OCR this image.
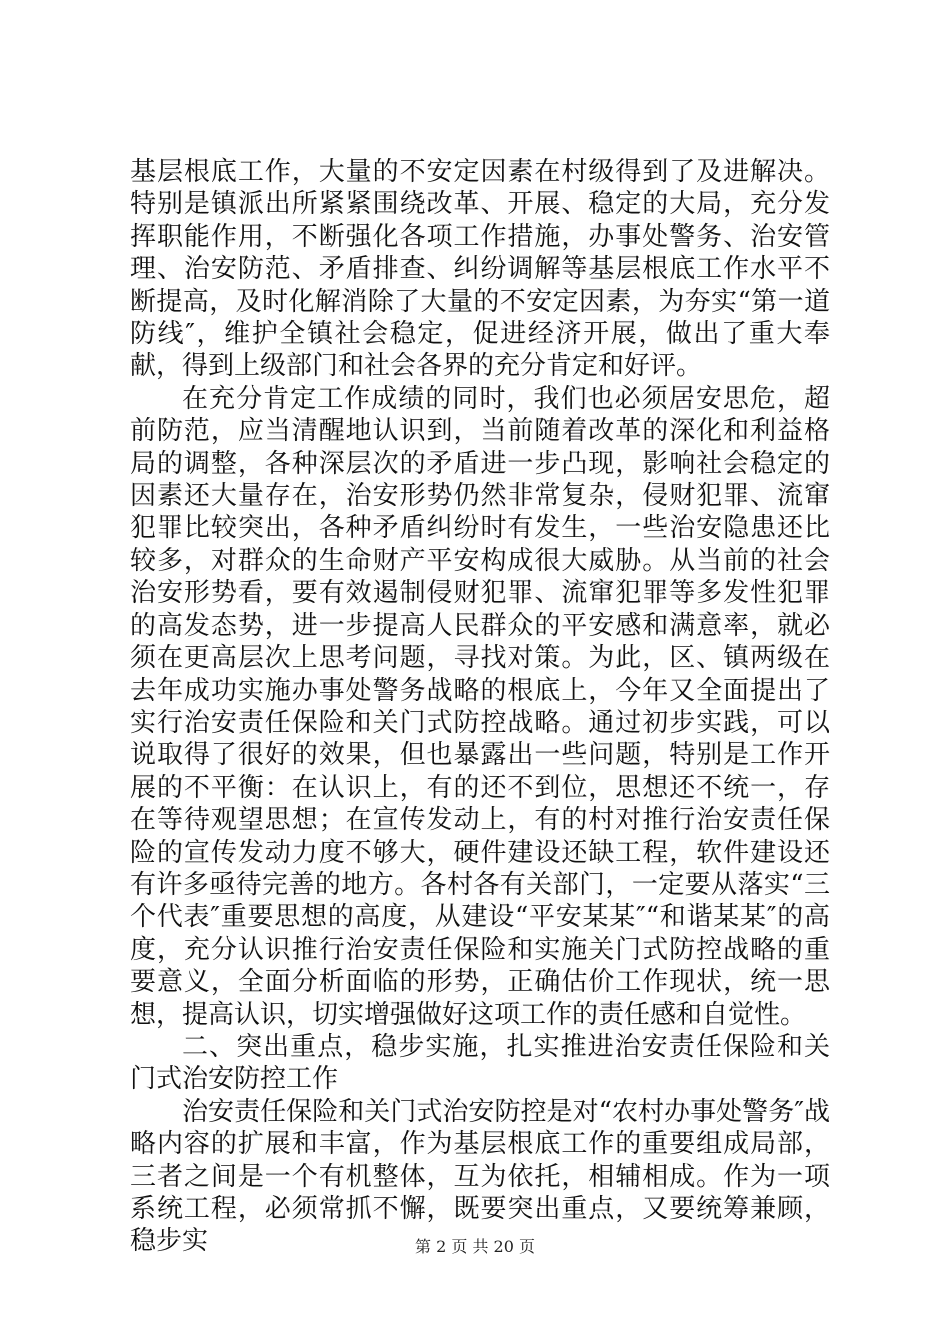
基层根底工作，大量的不安定因素在村级得到了及进解决。特别是镇派出所紧紧围绕改革、开展、稳定的大局，充分发挥职能作用，不断强化各项工作措施，办事处警务、治安管理、治安防范、矛盾排查、纠纷调解等基层根底工作水平不断提高，及时化解消除了大量的不安定因素，为夯实“第一道防线″，维护全镇社会稳定，促进经济开展，做出了重大奉献，得到上级部门和社会各界的充分肯定和好评。

在充分肯定工作成绩的同时，我们也必须居安思危，超前防范，应当清醒地认识到，当前随着改革的深化和利益格局的调整，各种深层次的矛盾进一步凸现，影响社会稳定的因素还大量存在，治安形势仍然非常复杂，侵财犯罪、流窜犯罪比较突出，各种矛盾纠纷时有发生，一些治安隐患还比较多，对群众的生命财产平安构成很大威胁。从当前的社会治安形势看，要有效遏制侵财犯罪、流窜犯罪等多发性犯罪的高发态势，进一步提高人民群众的平安感和满意率，就必须在更高层次上思考问题，寻找对策。为此，区、镇两级在去年成功实施办事处警务战略的根底上，今年又全面提出了实行治安责任保险和关门式防控战略。通过初步实践，可以说取得了很好的效果，但也暴露出一些问题，特别是工作开展的不平衡：在认识上，有的还不到位，思想还不统一，存在等待观望思想；在宣传发动上，有的村对推行治安责任保险的宣传发动力度不够大，硬件建设还缺工程，软件建设还有许多亟待完善的地方。各村各有关部门，一定要从落实“三个代表″重要思想的高度，从建设“平安某某″“和谐某某″的高度，充分认识推行治安责任保险和实施关门式防控战略的重要意义，全面分析面临的形势，正确估价工作现状，统一思想，提高认识，切实增强做好这项工作的责任感和自觉性。

二、突出重点，稳步实施，扎实推进治安责任保险和关门式治安防控工作

治安责任保险和关门式治安防控是对“农村办事处警务″战略内容的扩展和丰富，作为基层根底工作的重要组成局部，三者之间是一个有机整体，互为依托，相辅相成。作为一项系统工程，必须常抓不懈，既要突出重点，又要统筹兼顾，稳步实	第 2 页 共 20 页
